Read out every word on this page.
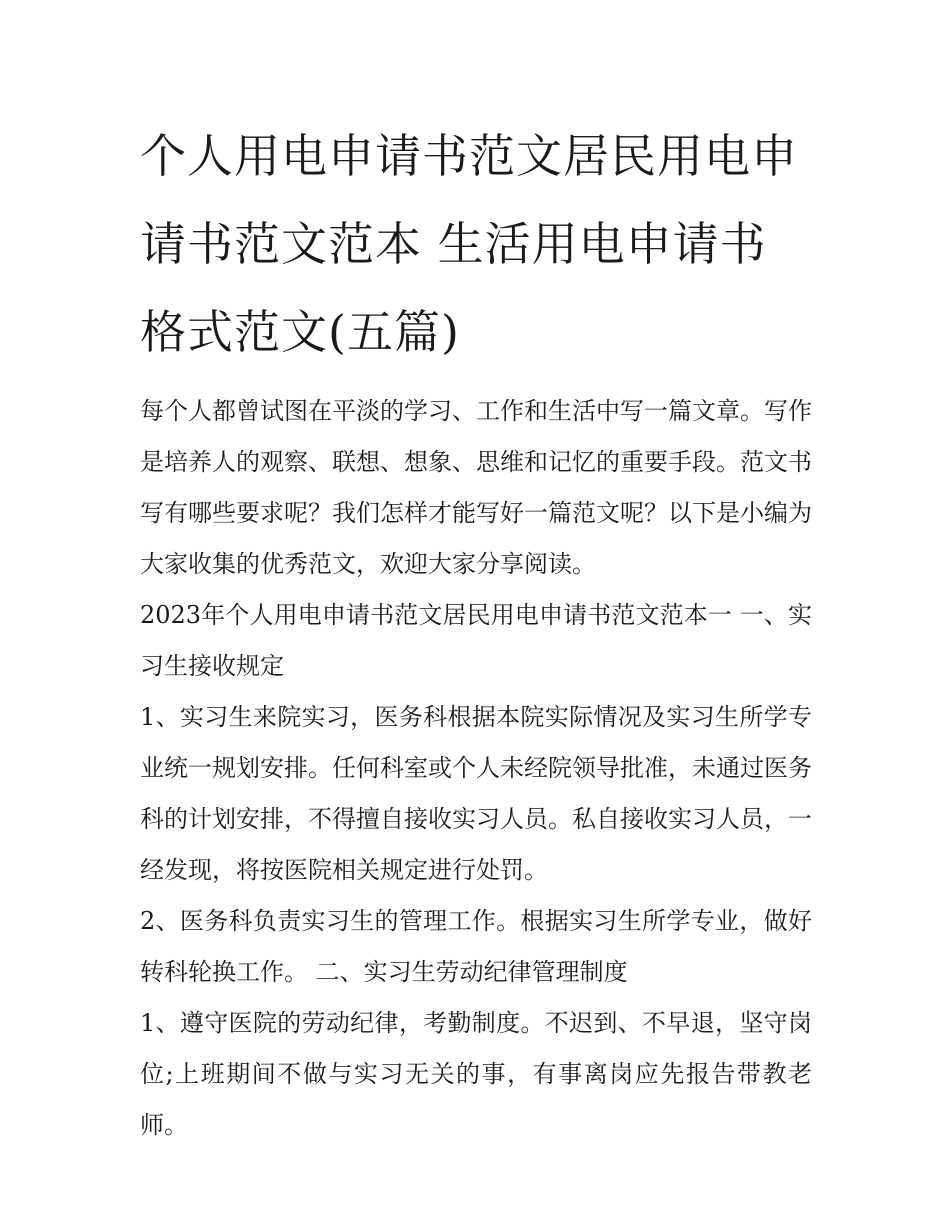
个人用电申请书范文居民用电申请书范文范本 生活用电申请书格式范文(五篇)

每个人都曾试图在平淡的学习、工作和生活中写一篇文章。写作是培养人的观察、联想、想象、思维和记忆的重要手段。范文书写有哪些要求呢？我们怎样才能写好一篇范文呢？以下是小编为大家收集的优秀范文，欢迎大家分享阅读。

2023年个人用电申请书范文居民用电申请书范文范本一 一、实习生接收规定

1、实习生来院实习，医务科根据本院实际情况及实习生所学专业统一规划安排。任何科室或个人未经院领导批准，未通过医务科的计划安排，不得擅自接收实习人员。私自接收实习人员，一经发现，将按医院相关规定进行处罚。

2、医务科负责实习生的管理工作。根据实习生所学专业，做好转科轮换工作。 二、实习生劳动纪律管理制度

1、遵守医院的劳动纪律，考勤制度。不迟到、不早退，坚守岗位;上班期间不做与实习无关的事，有事离岗应先报告带教老师。
